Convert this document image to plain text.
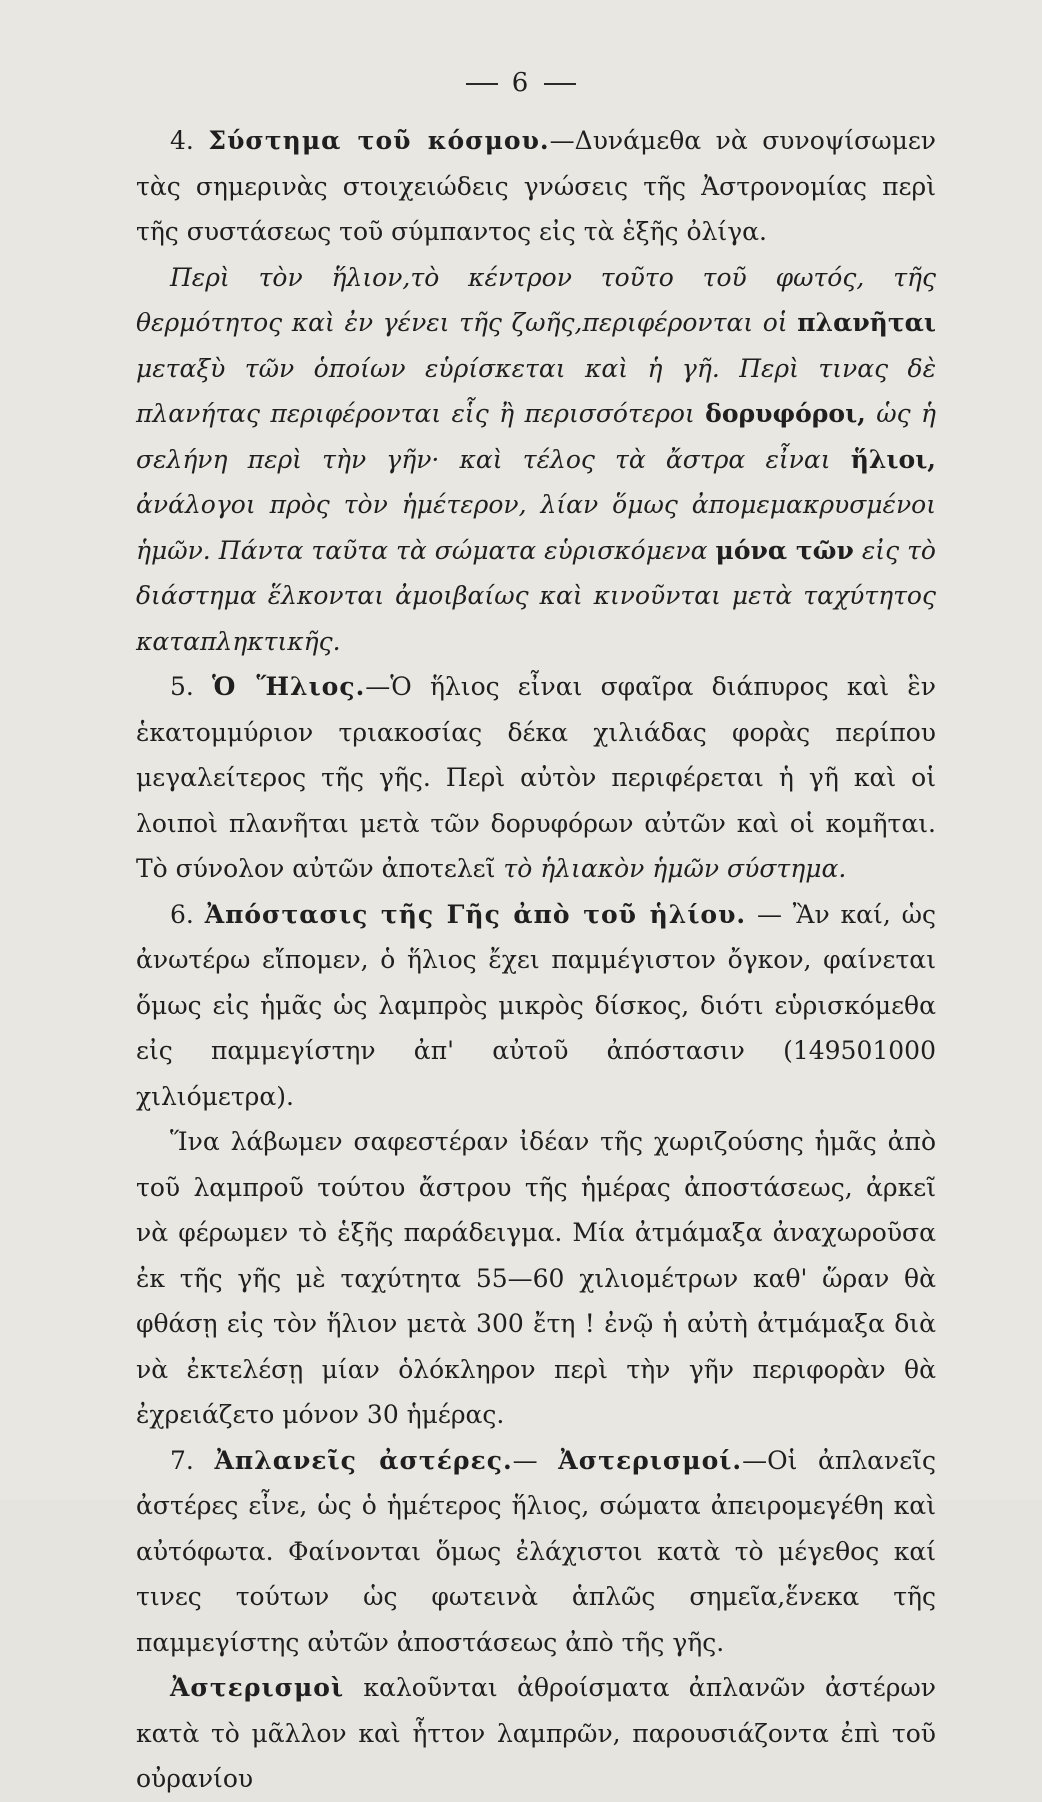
6

4. Σύστημα τοῦ κόσμου.—Δυνάμεθα νὰ συνοψίσωμεν τὰς σημερινὰς στοιχειώδεις γνώσεις τῆς Ἀστρονομίας περὶ τῆς συστάσεως τοῦ σύμπαντος εἰς τὰ ἑξῆς ὀλίγα.

Περὶ τὸν ἥλιον,τὸ κέντρον τοῦτο τοῦ φωτός, τῆς θερμότητος καὶ ἐν γένει τῆς ζωῆς,περιφέρονται οἱ πλανῆται μεταξὺ τῶν ὁποίων εὑρίσκεται καὶ ἡ γῆ. Περὶ τινας δὲ πλανήτας περιφέρονται εἷς ἢ περισσότεροι δορυφόροι, ὡς ἡ σελήνη περὶ τὴν γῆν· καὶ τέλος τὰ ἄστρα εἶναι ἥλιοι, ἀνάλογοι πρὸς τὸν ἡμέτερον, λίαν ὅμως ἀπομεμακρυσμένοι ἡμῶν. Πάντα ταῦτα τὰ σώματα εὑρισκόμενα μόνα τῶν εἰς τὸ διάστημα ἕλκονται ἀμοιβαίως καὶ κινοῦνται μετὰ ταχύτητος καταπληκτικῆς.

5. Ὁ Ἥλιος.—Ὁ ἥλιος εἶναι σφαῖρα διάπυρος καὶ ἓν ἑκατομμύριον τριακοσίας δέκα χιλιάδας φορὰς περίπου μεγαλείτερος τῆς γῆς. Περὶ αὐτὸν περιφέρεται ἡ γῆ καὶ οἱ λοιποὶ πλανῆται μετὰ τῶν δορυφόρων αὐτῶν καὶ οἱ κομῆται. Τὸ σύνολον αὐτῶν ἀποτελεῖ τὸ ἡλιακὸν ἡμῶν σύστημα.

6. Ἀπόστασις τῆς Γῆς ἀπὸ τοῦ ἡλίου. — Ἂν καί, ὡς ἀνωτέρω εἴπομεν, ὁ ἥλιος ἔχει παμμέγιστον ὄγκον, φαίνεται ὅμως εἰς ἡμᾶς ὡς λαμπρὸς μικρὸς δίσκος, διότι εὑρισκόμεθα εἰς παμμεγίστην ἀπ' αὐτοῦ ἀπόστασιν (149501000 χιλιόμετρα).

Ἵνα λάβωμεν σαφεστέραν ἰδέαν τῆς χωριζούσης ἡμᾶς ἀπὸ τοῦ λαμπροῦ τούτου ἄστρου τῆς ἡμέρας ἀποστάσεως, ἀρκεῖ νὰ φέρωμεν τὸ ἑξῆς παράδειγμα. Μία ἀτμάμαξα ἀναχωροῦσα ἐκ τῆς γῆς μὲ ταχύτητα 55—60 χιλιομέτρων καθ' ὥραν θὰ φθάσῃ εἰς τὸν ἥλιον μετὰ 300 ἔτη ! ἐνῷ ἡ αὐτὴ ἀτμάμαξα διὰ νὰ ἐκτελέσῃ μίαν ὁλόκληρον περὶ τὴν γῆν περιφορὰν θὰ ἐχρειάζετο μόνον 30 ἡμέρας.

7. Ἀπλανεῖς ἀστέρες.— Ἀστερισμοί.—Οἱ ἀπλανεῖς ἀστέρες εἶνε, ὡς ὁ ἡμέτερος ἥλιος, σώματα ἀπειρομεγέθη καὶ αὐτόφωτα. Φαίνονται ὅμως ἐλάχιστοι κατὰ τὸ μέγεθος καί τινες τούτων ὡς φωτεινὰ ἁπλῶς σημεῖα,ἕνεκα τῆς παμμεγίστης αὐτῶν ἀποστάσεως ἀπὸ τῆς γῆς.

Ἀστερισμοὶ καλοῦνται ἀθροίσματα ἀπλανῶν ἀστέρων κατὰ τὸ μᾶλλον καὶ ἧττον λαμπρῶν, παρουσιάζοντα ἐπὶ τοῦ οὐρανίου
